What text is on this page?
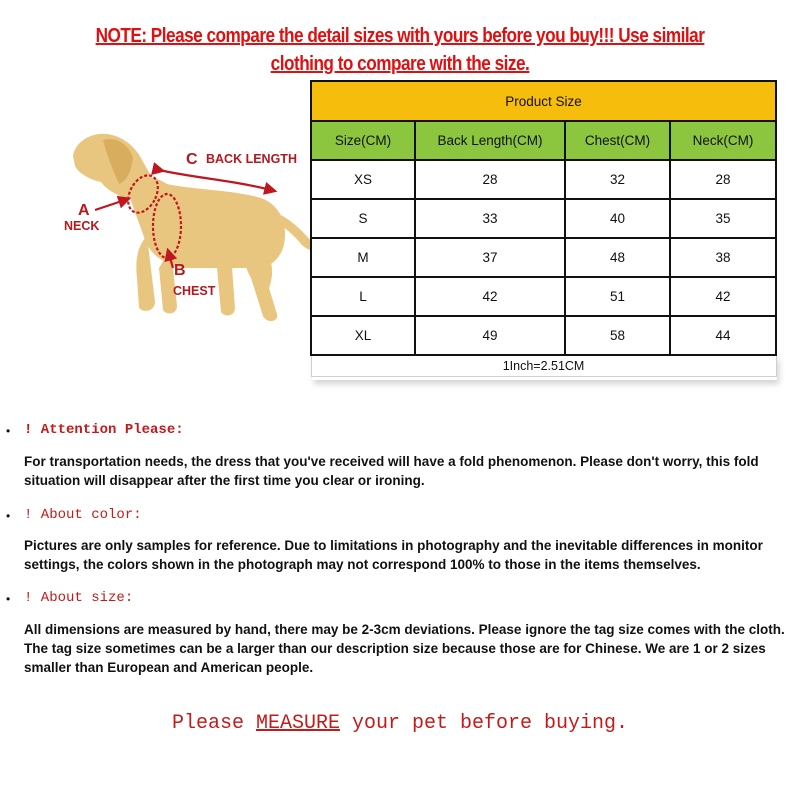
NOTE: Please compare the detail sizes with yours before you buy!!! Use similar clothing to compare with the size.
A
NECK
B
CHEST
C BACK LENGTH
Product Size			
Size(CM)	Back Length(CM)	Chest(CM)	Neck(CM)
XS	28	32	28
S	33	40	35
M	37	48	38
L	42	51	42
XL	49	58	44
1Inch=2.51CM			
• ! Attention Please:
For transportation needs, the dress that you've received will have a fold phenomenon. Please don't worry, this fold situation will disappear after the first time you clear or ironing.
• ! About color:
Pictures are only samples for reference. Due to limitations in photography and the inevitable differences in monitor settings, the colors shown in the photograph may not correspond 100% to those in the items themselves.
• ! About size:
All dimensions are measured by hand, there may be 2-3cm deviations. Please ignore the tag size comes with the cloth. The tag size sometimes can be a larger than our description size because those are for Chinese. We are 1 or 2 sizes smaller than European and American people.
Please MEASURE your pet before buying.
